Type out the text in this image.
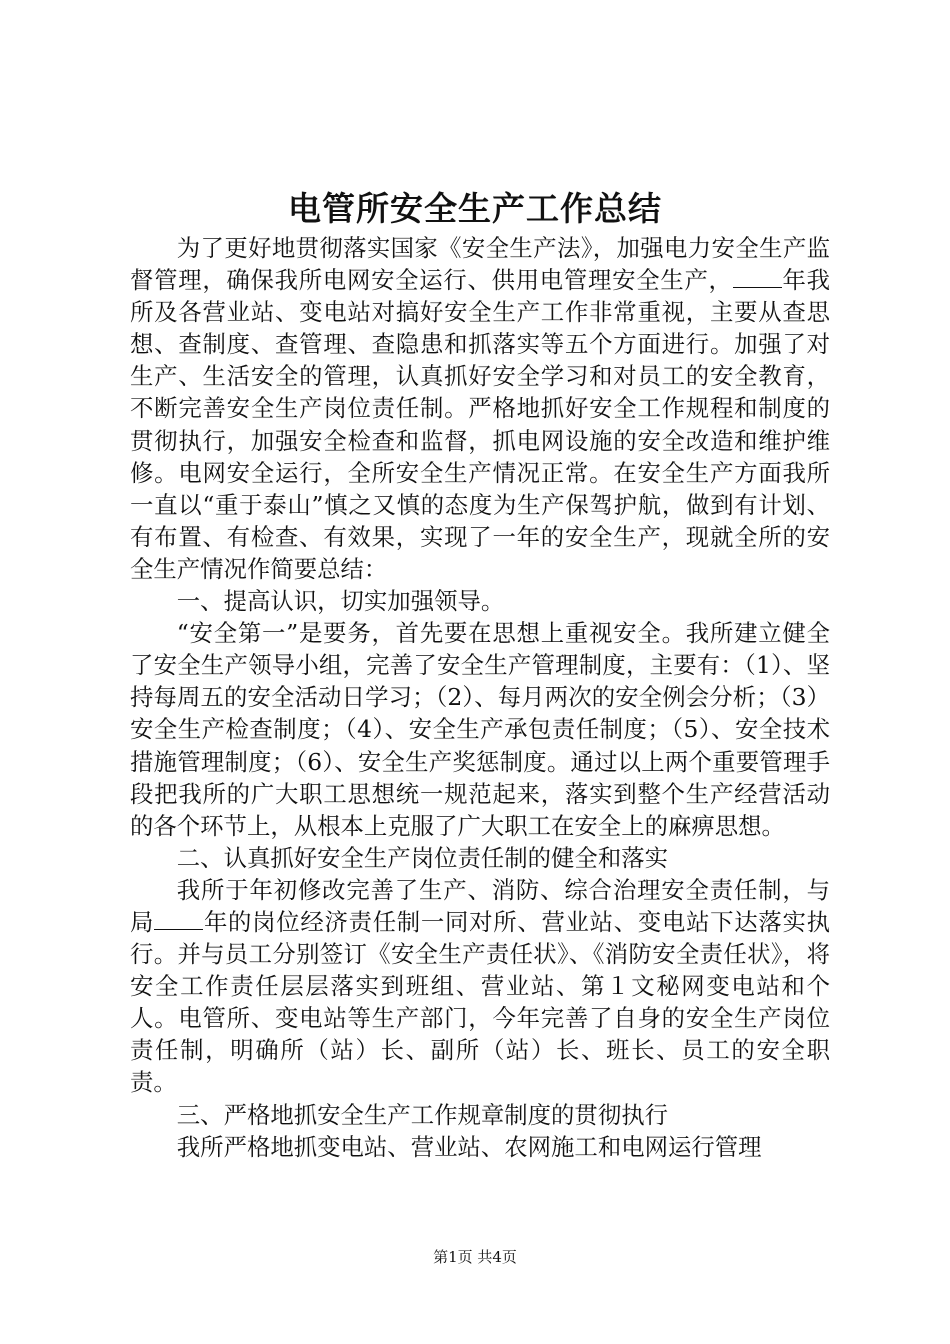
电管所安全生产工作总结

为了更好地贯彻落实国家《安全生产法》，加强电力安全生产监督管理，确保我所电网安全运行、供用电管理安全生产， 年我所及各营业站、变电站对搞好安全生产工作非常重视，主要从查思想、查制度、查管理、查隐患和抓落实等五个方面进行。加强了对生产、生活安全的管理，认真抓好安全学习和对员工的安全教育，不断完善安全生产岗位责任制。严格地抓好安全工作规程和制度的贯彻执行，加强安全检查和监督，抓电网设施的安全改造和维护维修。电网安全运行，全所安全生产情况正常。在安全生产方面我所一直以“重于泰山”慎之又慎的态度为生产保驾护航，做到有计划、有布置、有检查、有效果，实现了一年的安全生产，现就全所的安全生产情况作简要总结：

一、提高认识，切实加强领导。

“安全第一”是要务，首先要在思想上重视安全。我所建立健全了安全生产领导小组，完善了安全生产管理制度，主要有：（1）、坚持每周五的安全活动日学习；（2）、每月两次的安全例会分析；（3）安全生产检查制度；（4）、安全生产承包责任制度；（5）、安全技术措施管理制度；（6）、安全生产奖惩制度。通过以上两个重要管理手段把我所的广大职工思想统一规范起来，落实到整个生产经营活动的各个环节上，从根本上克服了广大职工在安全上的麻痹思想。

二、认真抓好安全生产岗位责任制的健全和落实

我所于年初修改完善了生产、消防、综合治理安全责任制，与局 年的岗位经济责任制一同对所、营业站、变电站下达落实执行。并与员工分别签订《安全生产责任状》、《消防安全责任状》，将安全工作责任层层落实到班组、营业站、第１文秘网变电站和个人。电管所、变电站等生产部门，今年完善了自身的安全生产岗位责任制，明确所（站）长、副所（站）长、班长、员工的安全职责。

三、严格地抓安全生产工作规章制度的贯彻执行

我所严格地抓变电站、营业站、农网施工和电网运行管理

第1页 共4页
